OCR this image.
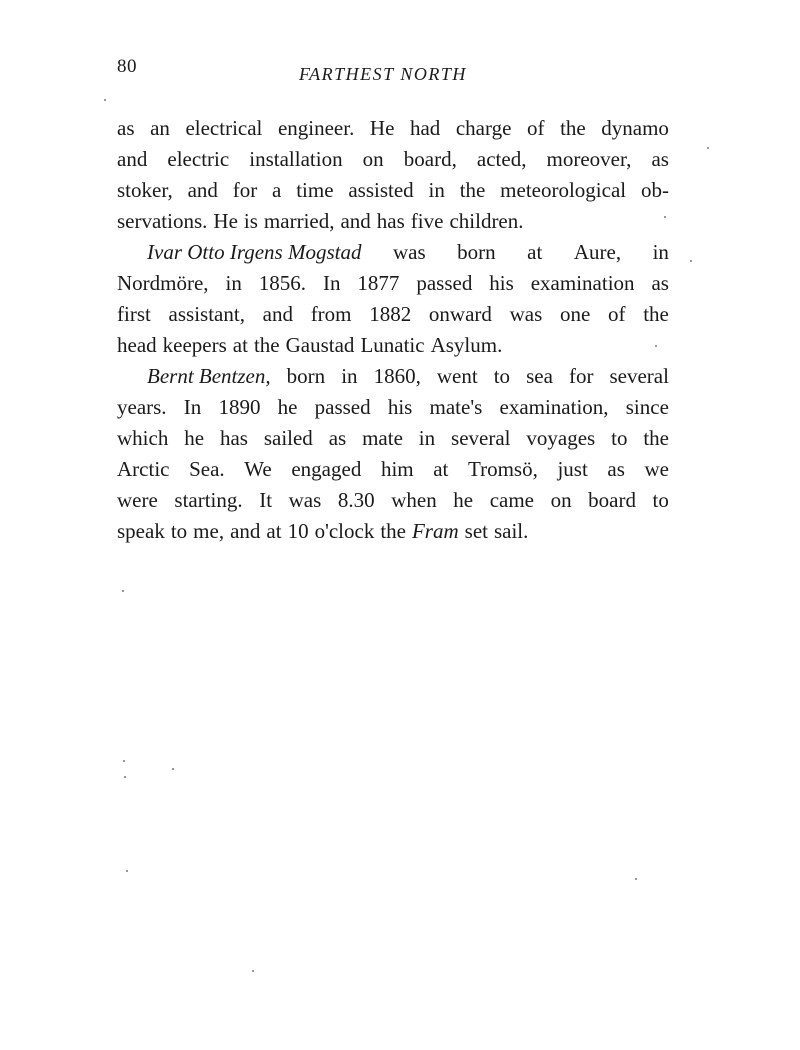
80	FARTHEST NORTH
as an electrical engineer. He had charge of the dynamo
and electric installation on board, acted, moreover, as
stoker, and for a time assisted in the meteorological ob-
servations. He is married, and has five children.
Ivar Otto Irgens Mogstad was born at Aure, in
Nordmöre, in 1856. In 1877 passed his examination as
first assistant, and from 1882 onward was one of the
head keepers at the Gaustad Lunatic Asylum.
Bernt Bentzen, born in 1860, went to sea for several
years. In 1890 he passed his mate's examination, since
which he has sailed as mate in several voyages to the
Arctic Sea. We engaged him at Tromsö, just as we
were starting. It was 8.30 when he came on board to
speak to me, and at 10 o'clock the Fram set sail.
